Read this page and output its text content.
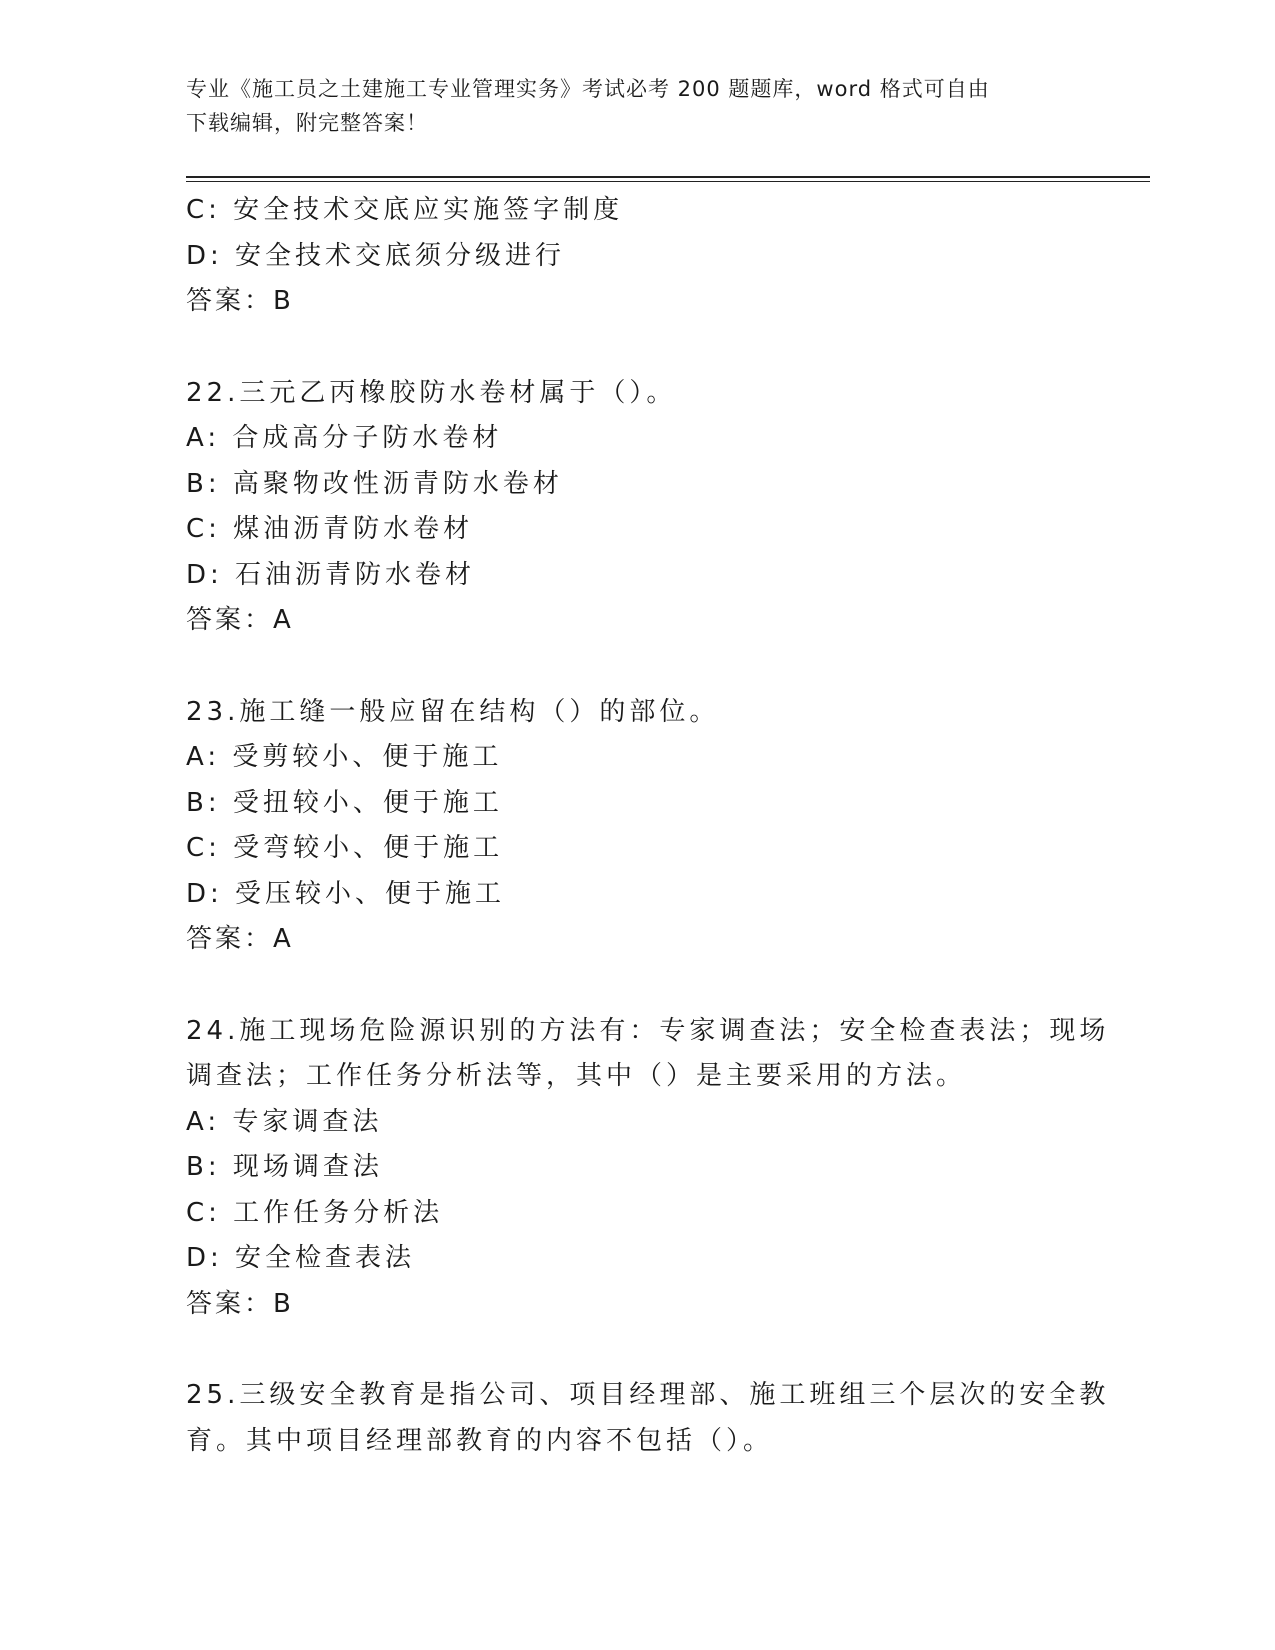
专业《施工员之土建施工专业管理实务》考试必考 200 题题库，word 格式可自由
下载编辑，附完整答案！
C: 安全技术交底应实施签字制度
D: 安全技术交底须分级进行
答案：B
22.三元乙丙橡胶防水卷材属于（）。
A: 合成高分子防水卷材
B: 高聚物改性沥青防水卷材
C: 煤油沥青防水卷材
D: 石油沥青防水卷材
答案：A
23.施工缝一般应留在结构（）的部位。
A: 受剪较小、便于施工
B: 受扭较小、便于施工
C: 受弯较小、便于施工
D: 受压较小、便于施工
答案：A
24.施工现场危险源识别的方法有：专家调查法；安全检查表法；现场
调查法；工作任务分析法等，其中（）是主要采用的方法。
A: 专家调查法
B: 现场调查法
C: 工作任务分析法
D: 安全检查表法
答案：B
25.三级安全教育是指公司、项目经理部、施工班组三个层次的安全教
育。其中项目经理部教育的内容不包括（）。
